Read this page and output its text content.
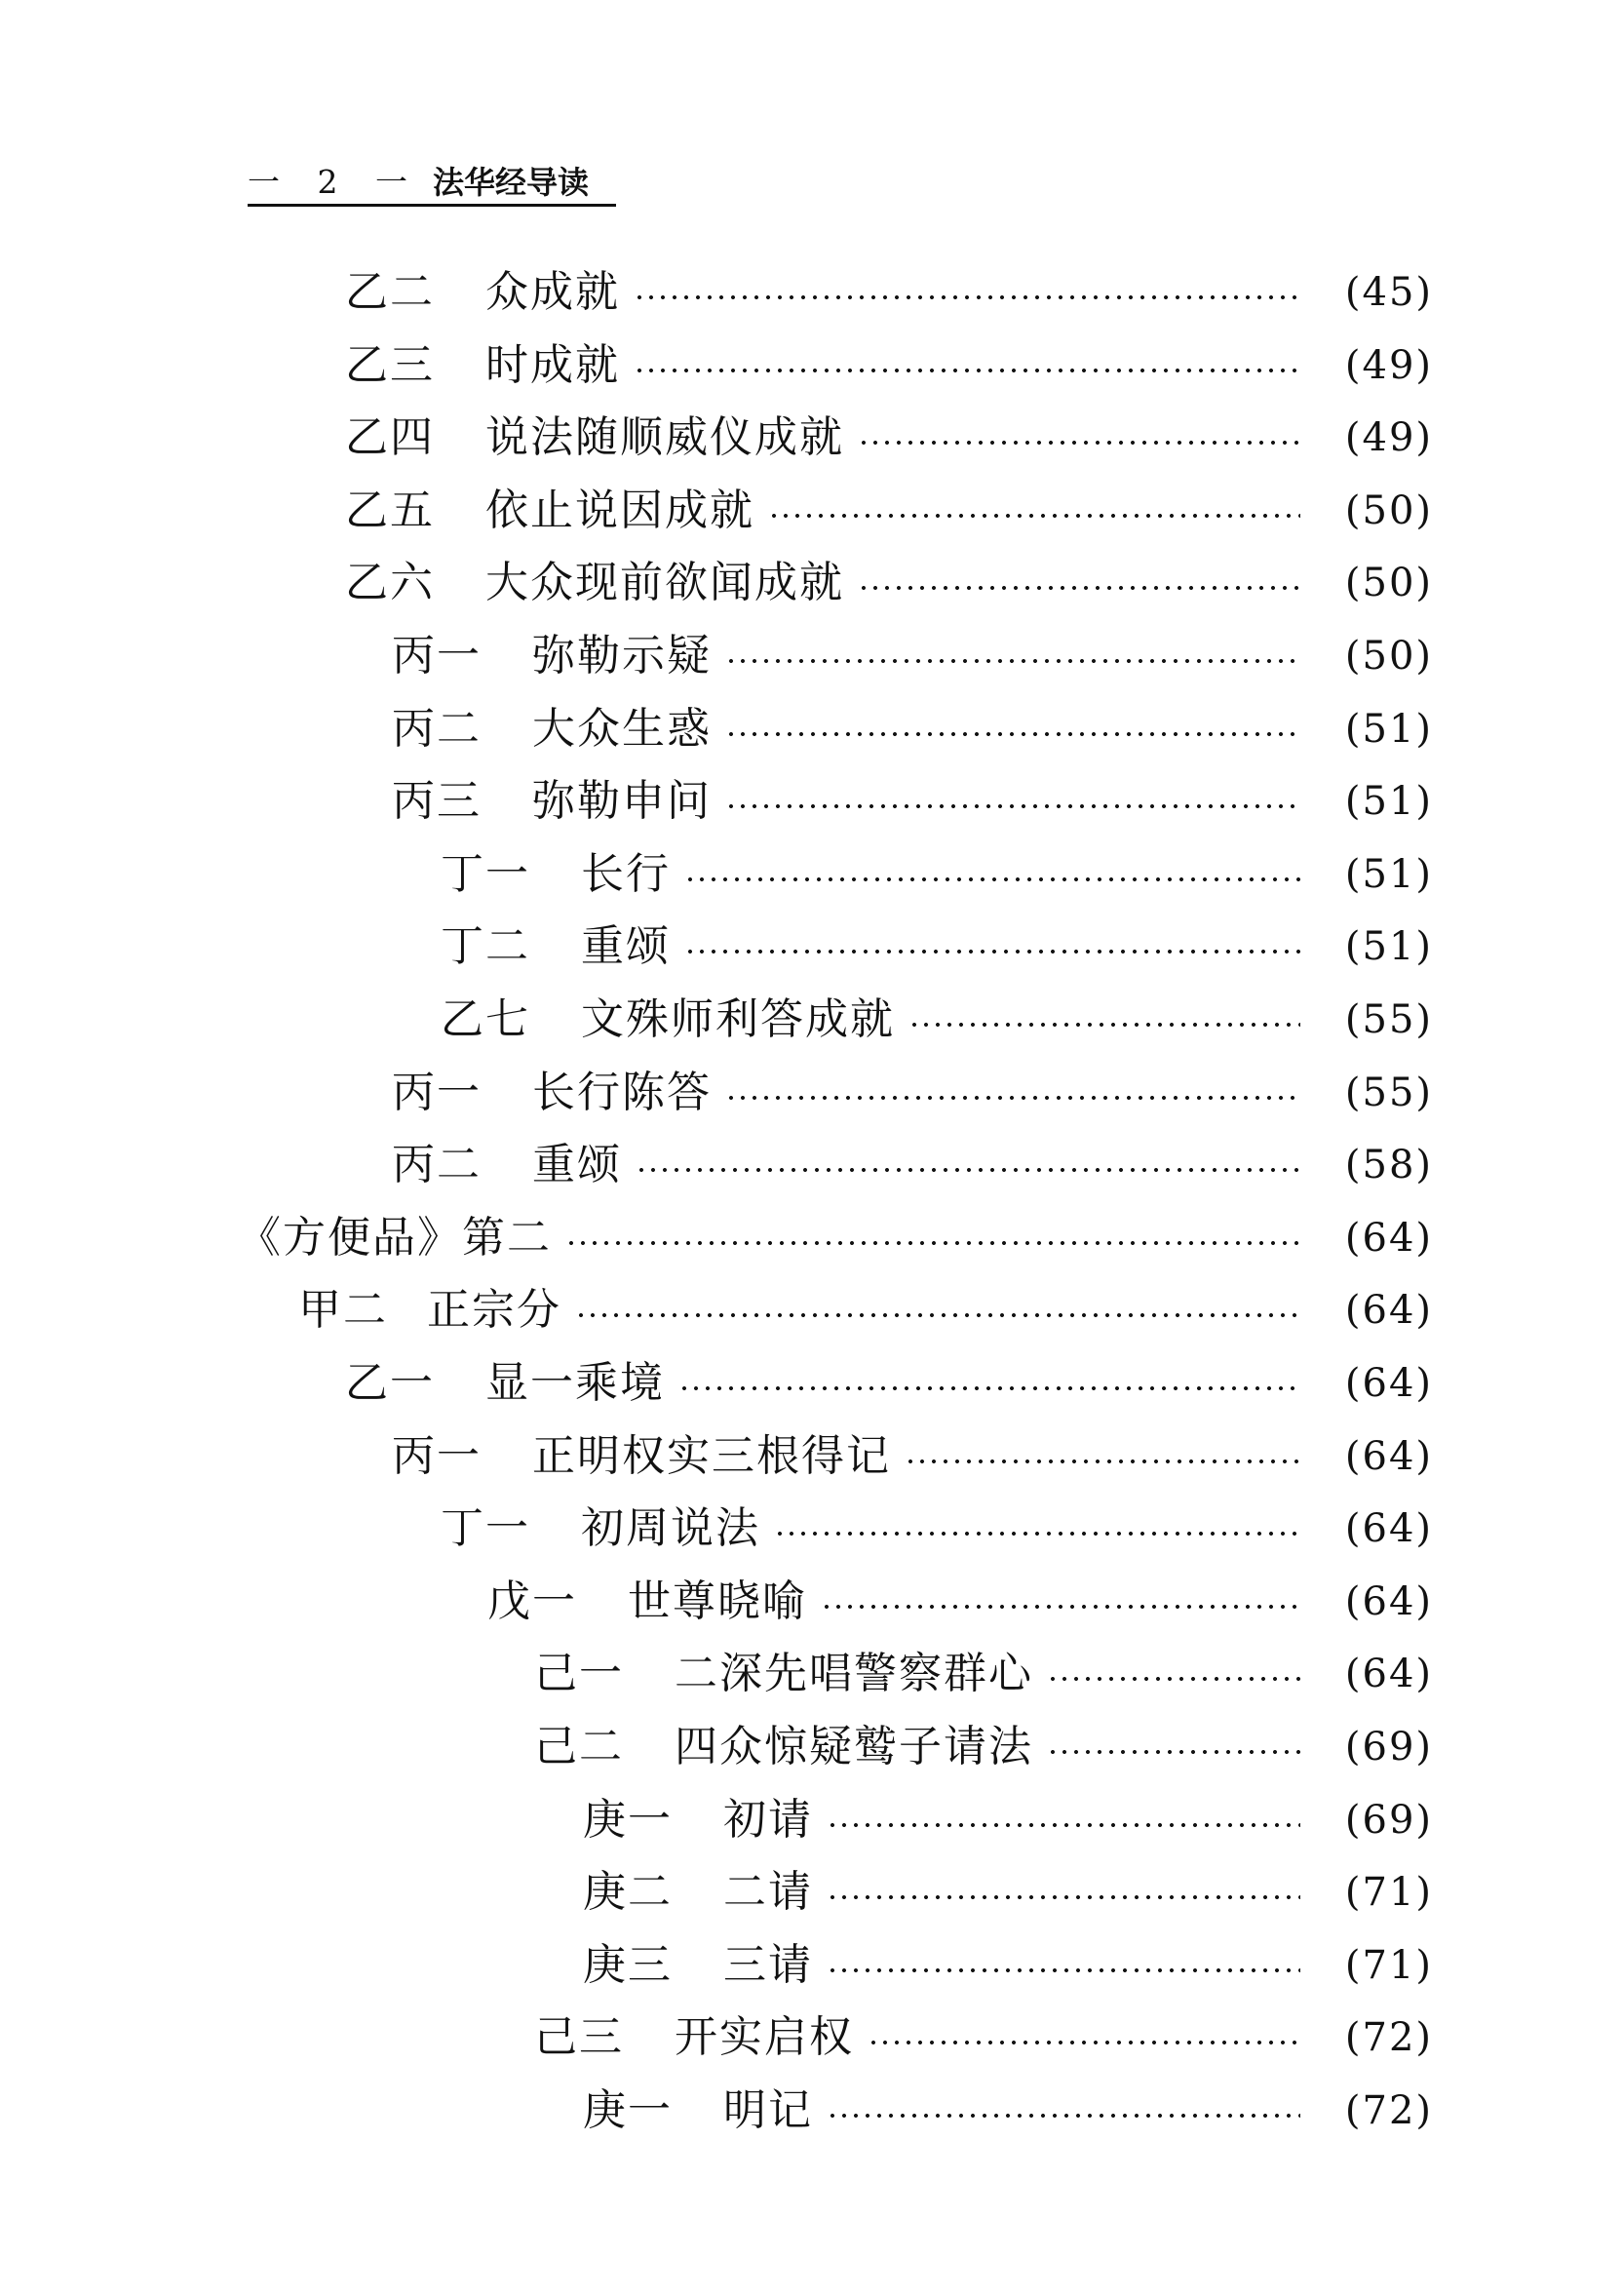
一 2 一 法华经导读
乙二 众成就	(45)
乙三 时成就	(49)
乙四 说法随顺威仪成就	(49)
乙五 依止说因成就	(50)
乙六 大众现前欲闻成就	(50)
丙一 弥勒示疑	(50)
丙二 大众生惑	(51)
丙三 弥勒申问	(51)
丁一 长行	(51)
丁二 重颂	(51)
乙七 文殊师利答成就	(55)
丙一 长行陈答	(55)
丙二 重颂	(58)
《方便品》第二	(64)
甲二 正宗分	(64)
乙一 显一乘境	(64)
丙一 正明权实三根得记	(64)
丁一 初周说法	(64)
戊一 世尊晓喻	(64)
己一 二深先唱警察群心	(64)
己二 四众惊疑鹫子请法	(69)
庚一 初请	(69)
庚二 二请	(71)
庚三 三请	(71)
己三 开实启权	(72)
庚一 明记	(72)
